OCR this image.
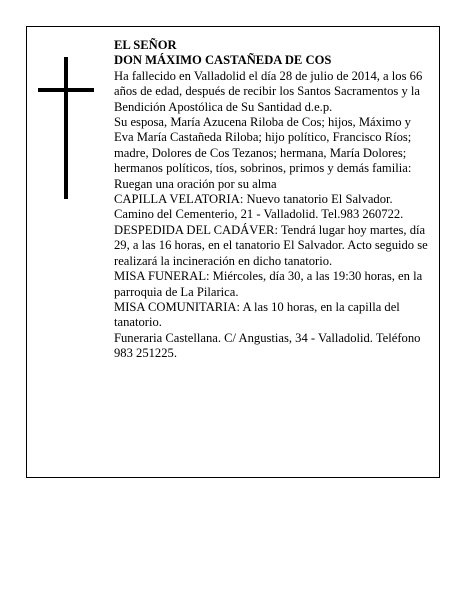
EL SEÑOR

DON MÁXIMO CASTAÑEDA DE COS

Ha fallecido en Valladolid el día 28 de julio de 2014, a los 66 años de edad, después de recibir los Santos Sacramentos y la Bendición Apostólica de Su Santidad d.e.p.

Su esposa, María Azucena Riloba de Cos; hijos, Máximo y Eva María Castañeda Riloba; hijo político, Francisco Ríos; madre, Dolores de Cos Tezanos; hermana, María Dolores; hermanos políticos, tíos, sobrinos, primos y demás familia:

Ruegan una oración por su alma

CAPILLA VELATORIA: Nuevo tanatorio El Salvador. Camino del Cementerio, 21 - Valladolid. Tel.983 260722.

DESPEDIDA DEL CADÁVER: Tendrá lugar hoy martes, día 29, a las 16 horas, en el tanatorio El Salvador. Acto seguido se realizará la incineración en dicho tanatorio.

MISA FUNERAL: Miércoles, día 30, a las 19:30 horas, en la parroquia de La Pilarica.

MISA COMUNITARIA: A las 10 horas, en la capilla del tanatorio.

Funeraria Castellana. C/ Angustias, 34 - Valladolid. Teléfono 983 251225.
